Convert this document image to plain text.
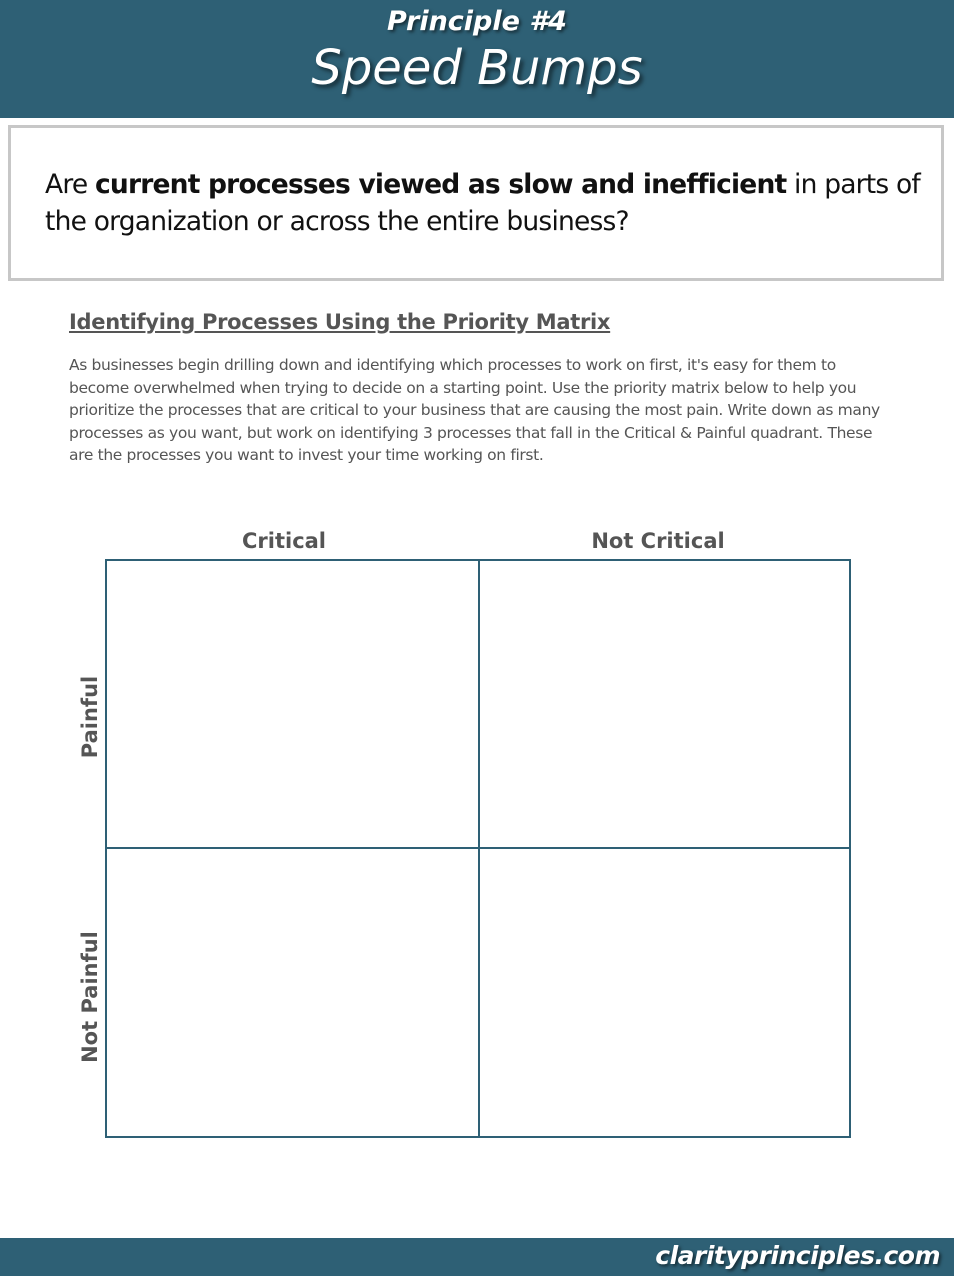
Principle #4
Speed Bumps

Are current processes viewed as slow and inefficient in parts of the organization or across the entire business?

Identifying Processes Using the Priority Matrix
As businesses begin drilling down and identifying which processes to work on first, it's easy for them to become overwhelmed when trying to decide on a starting point. Use the priority matrix below to help you prioritize the processes that are critical to your business that are causing the most pain. Write down as many processes as you want, but work on identifying 3 processes that fall in the Critical & Painful quadrant. These are the processes you want to invest your time working on first.
Critical	Not Critical
Painful
Not Painful
clarityprinciples.com
